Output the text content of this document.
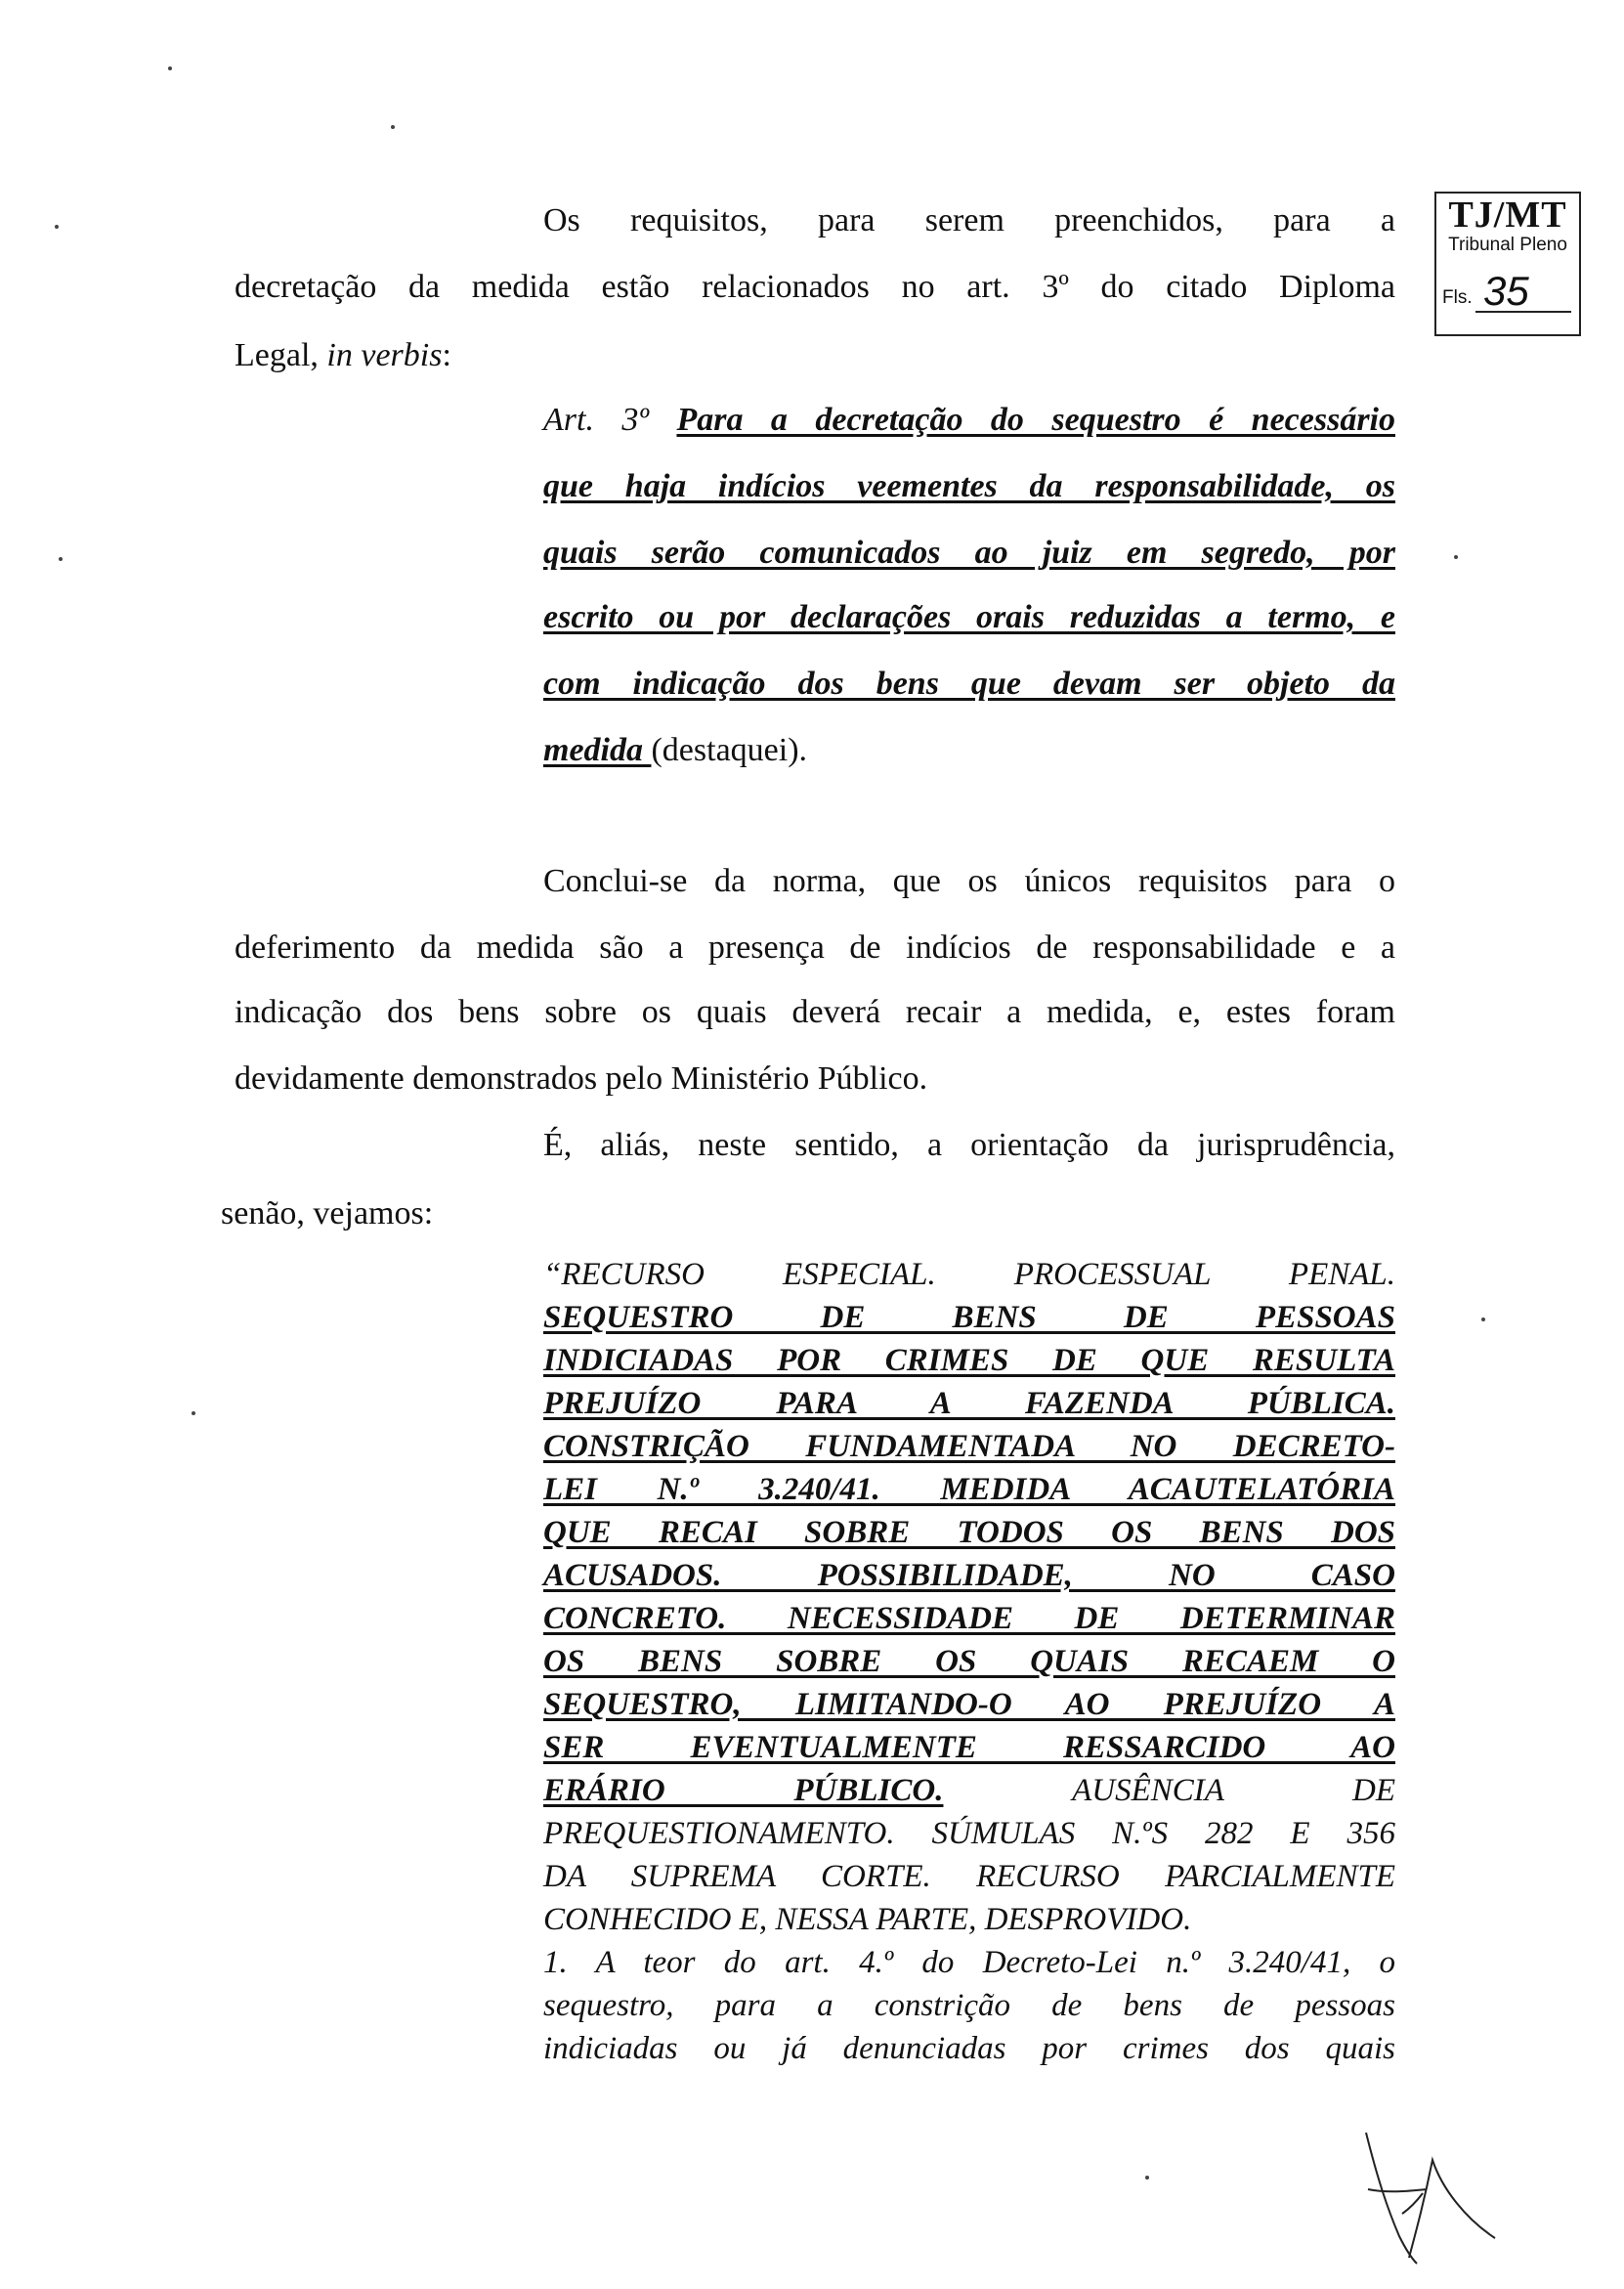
TJ/MT
Tribunal Pleno
Fls. 35
Os requisitos, para serem preenchidos, para a
decretação da medida estão relacionados no art. 3º do citado Diploma
Legal, in verbis:
Art. 3º Para a decretação do sequestro é necessário
que haja indícios veementes da responsabilidade, os
quais serão comunicados ao juiz em segredo, por
escrito ou por declarações orais reduzidas a termo, e
com indicação dos bens que devam ser objeto da
medida (destaquei).
Conclui-se da norma, que os únicos requisitos para o
deferimento da medida são a presença de indícios de responsabilidade e a
indicação dos bens sobre os quais deverá recair a medida, e, estes foram
devidamente demonstrados pelo Ministério Público.
É, aliás, neste sentido, a orientação da jurisprudência,
senão, vejamos:
“RECURSO ESPECIAL. PROCESSUAL PENAL.
SEQUESTRO DE BENS DE PESSOAS
INDICIADAS POR CRIMES DE QUE RESULTA
PREJUÍZO PARA A FAZENDA PÚBLICA.
CONSTRIÇÃO FUNDAMENTADA NO DECRETO-
LEI N.º 3.240/41. MEDIDA ACAUTELATÓRIA
QUE RECAI SOBRE TODOS OS BENS DOS
ACUSADOS. POSSIBILIDADE, NO CASO
CONCRETO. NECESSIDADE DE DETERMINAR
OS BENS SOBRE OS QUAIS RECAEM O
SEQUESTRO, LIMITANDO-O AO PREJUÍZO A
SER EVENTUALMENTE RESSARCIDO AO
ERÁRIO PÚBLICO.	AUSÊNCIA DE
PREQUESTIONAMENTO. SÚMULAS N.ºS 282 E 356
DA SUPREMA CORTE. RECURSO PARCIALMENTE
CONHECIDO E, NESSA PARTE, DESPROVIDO.
1. A teor do art. 4.º do Decreto-Lei n.º 3.240/41, o
sequestro, para a constrição de bens de pessoas
indiciadas ou já denunciadas por crimes dos quais
